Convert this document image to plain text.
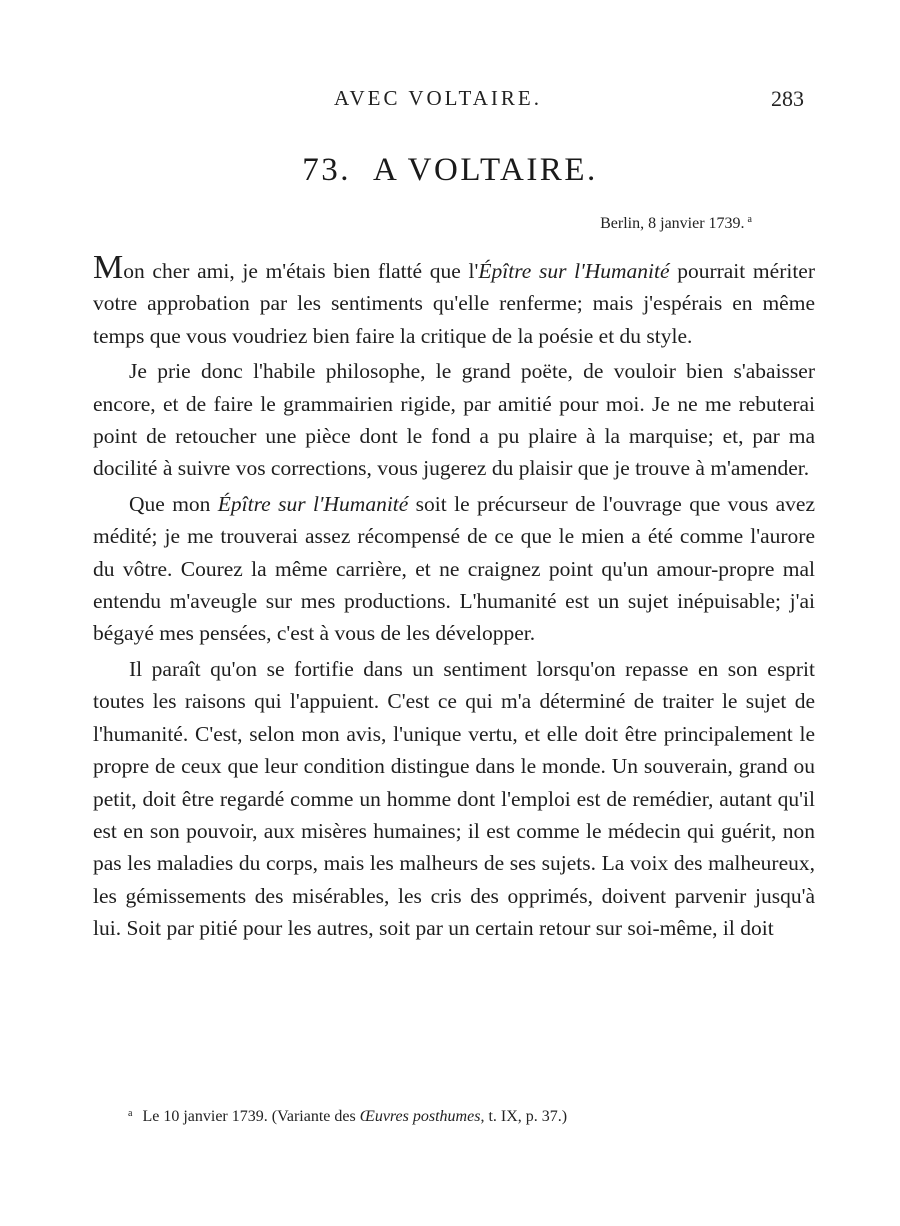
AVEC VOLTAIRE.	283
73. A VOLTAIRE.
Berlin, 8 janvier 1739. $^a$

Mon cher ami, je m'étais bien flatté que l'Épître sur l'Humanité pourrait mériter votre approbation par les sentiments qu'elle renferme; mais j'espérais en même temps que vous voudriez bien faire la critique de la poésie et du style.

Je prie donc l'habile philosophe, le grand poëte, de vouloir bien s'abaisser encore, et de faire le grammairien rigide, par amitié pour moi. Je ne me rebuterai point de retoucher une pièce dont le fond a pu plaire à la marquise; et, par ma docilité à suivre vos corrections, vous jugerez du plaisir que je trouve à m'amender.

Que mon Épître sur l'Humanité soit le précurseur de l'ouvrage que vous avez médité; je me trouverai assez récompensé de ce que le mien a été comme l'aurore du vôtre. Courez la même carrière, et ne craignez point qu'un amour-propre mal entendu m'aveugle sur mes productions. L'humanité est un sujet inépuisable; j'ai bégayé mes pensées, c'est à vous de les développer.

Il paraît qu'on se fortifie dans un sentiment lorsqu'on repasse en son esprit toutes les raisons qui l'appuient. C'est ce qui m'a déterminé de traiter le sujet de l'humanité. C'est, selon mon avis, l'unique vertu, et elle doit être principalement le propre de ceux que leur condition distingue dans le monde. Un souverain, grand ou petit, doit être regardé comme un homme dont l'emploi est de remédier, autant qu'il est en son pouvoir, aux misères humaines; il est comme le médecin qui guérit, non pas les maladies du corps, mais les malheurs de ses sujets. La voix des malheureux, les gémissements des misérables, les cris des opprimés, doivent parvenir jusqu'à lui. Soit par pitié pour les autres, soit par un certain retour sur soi-même, il doit

$^a$ Le 10 janvier 1739. (Variante des Œuvres posthumes, t. IX, p. 37.)
